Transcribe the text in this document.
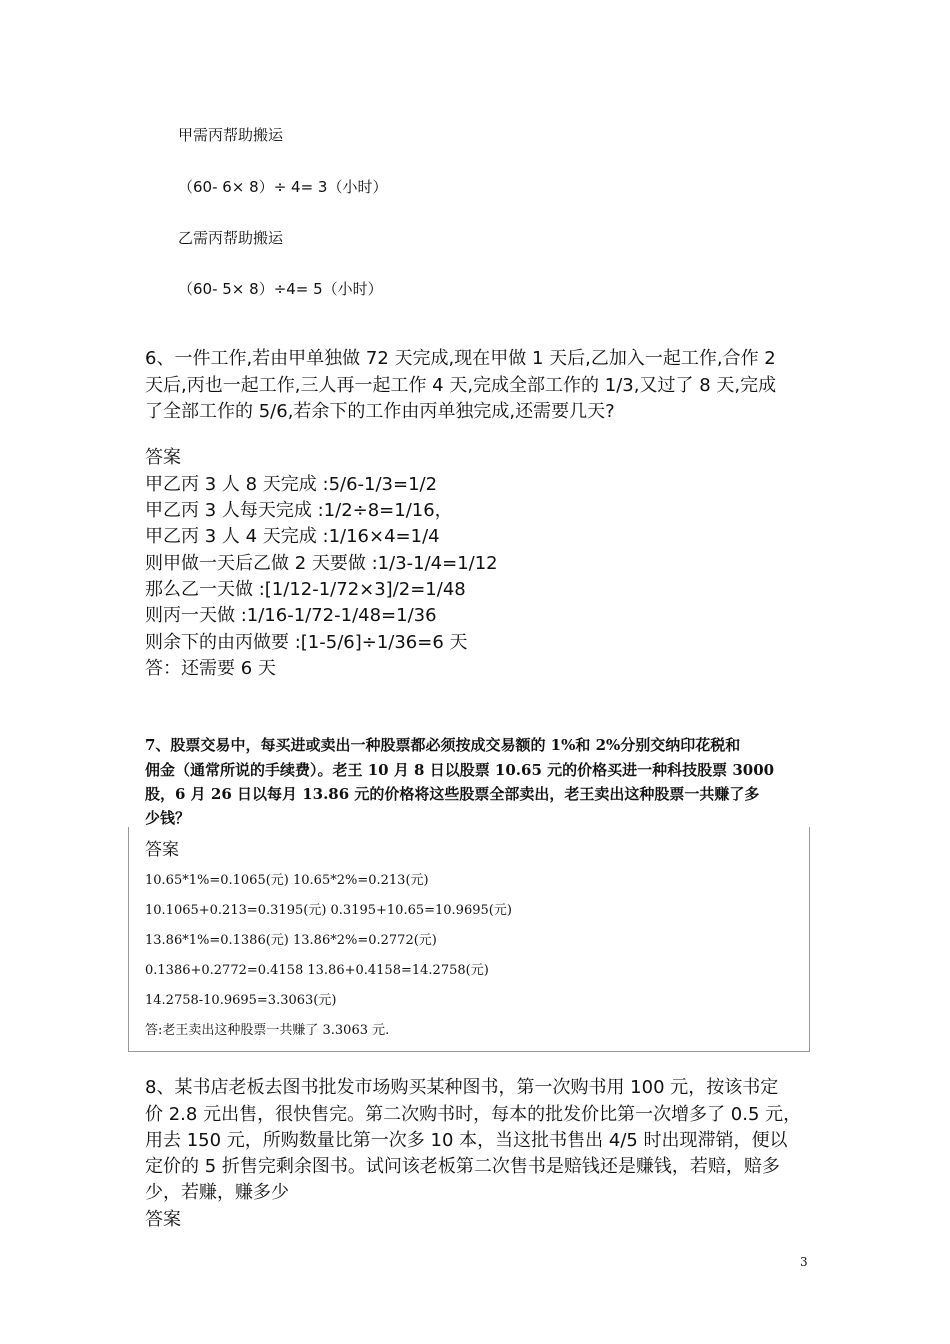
甲需丙帮助搬运
（60- 6× 8）÷ 4= 3（小时）
乙需丙帮助搬运
（60- 5× 8）÷4= 5（小时）
6、一件工作,若由甲单独做 72 天完成,现在甲做 1 天后,乙加入一起工作,合作 2
天后,丙也一起工作,三人再一起工作 4 天,完成全部工作的 1/3,又过了 8 天,完成
了全部工作的 5/6,若余下的工作由丙单独完成,还需要几天?
答案
甲乙丙 3 人 8 天完成 :5/6-1/3=1/2
甲乙丙 3 人每天完成 :1/2÷8=1/16，
甲乙丙 3 人 4 天完成 :1/16×4=1/4
则甲做一天后乙做 2 天要做 :1/3-1/4=1/12
那么乙一天做 :[1/12-1/72×3]/2=1/48
则丙一天做 :1/16-1/72-1/48=1/36
则余下的由丙做要 :[1-5/6]÷1/36=6 天
答：还需要 6 天
7、股票交易中，每买进或卖出一种股票都必须按成交易额的 1%和 2%分别交纳印花税和
佣金（通常所说的手续费）。老王 10 月 8 日以股票 10.65 元的价格买进一种科技股票 3000
股，6 月 26 日以每月 13.86 元的价格将这些股票全部卖出，老王卖出这种股票一共赚了多
少钱？
答案
10.65*1%=0.1065(元) 10.65*2%=0.213(元)
10.1065+0.213=0.3195(元) 0.3195+10.65=10.9695(元)
13.86*1%=0.1386(元) 13.86*2%=0.2772(元)
0.1386+0.2772=0.4158 13.86+0.4158=14.2758(元)
14.2758-10.9695=3.3063(元)
答:老王卖出这种股票一共赚了 3.3063 元.
8、某书店老板去图书批发市场购买某种图书，第一次购书用 100 元，按该书定
价 2.8 元出售，很快售完。第二次购书时，每本的批发价比第一次增多了 0.5 元，
用去 150 元，所购数量比第一次多 10 本，当这批书售出 4/5 时出现滞销，便以
定价的 5 折售完剩余图书。试问该老板第二次售书是赔钱还是赚钱，若赔，赔多
少，若赚，赚多少
答案
3
